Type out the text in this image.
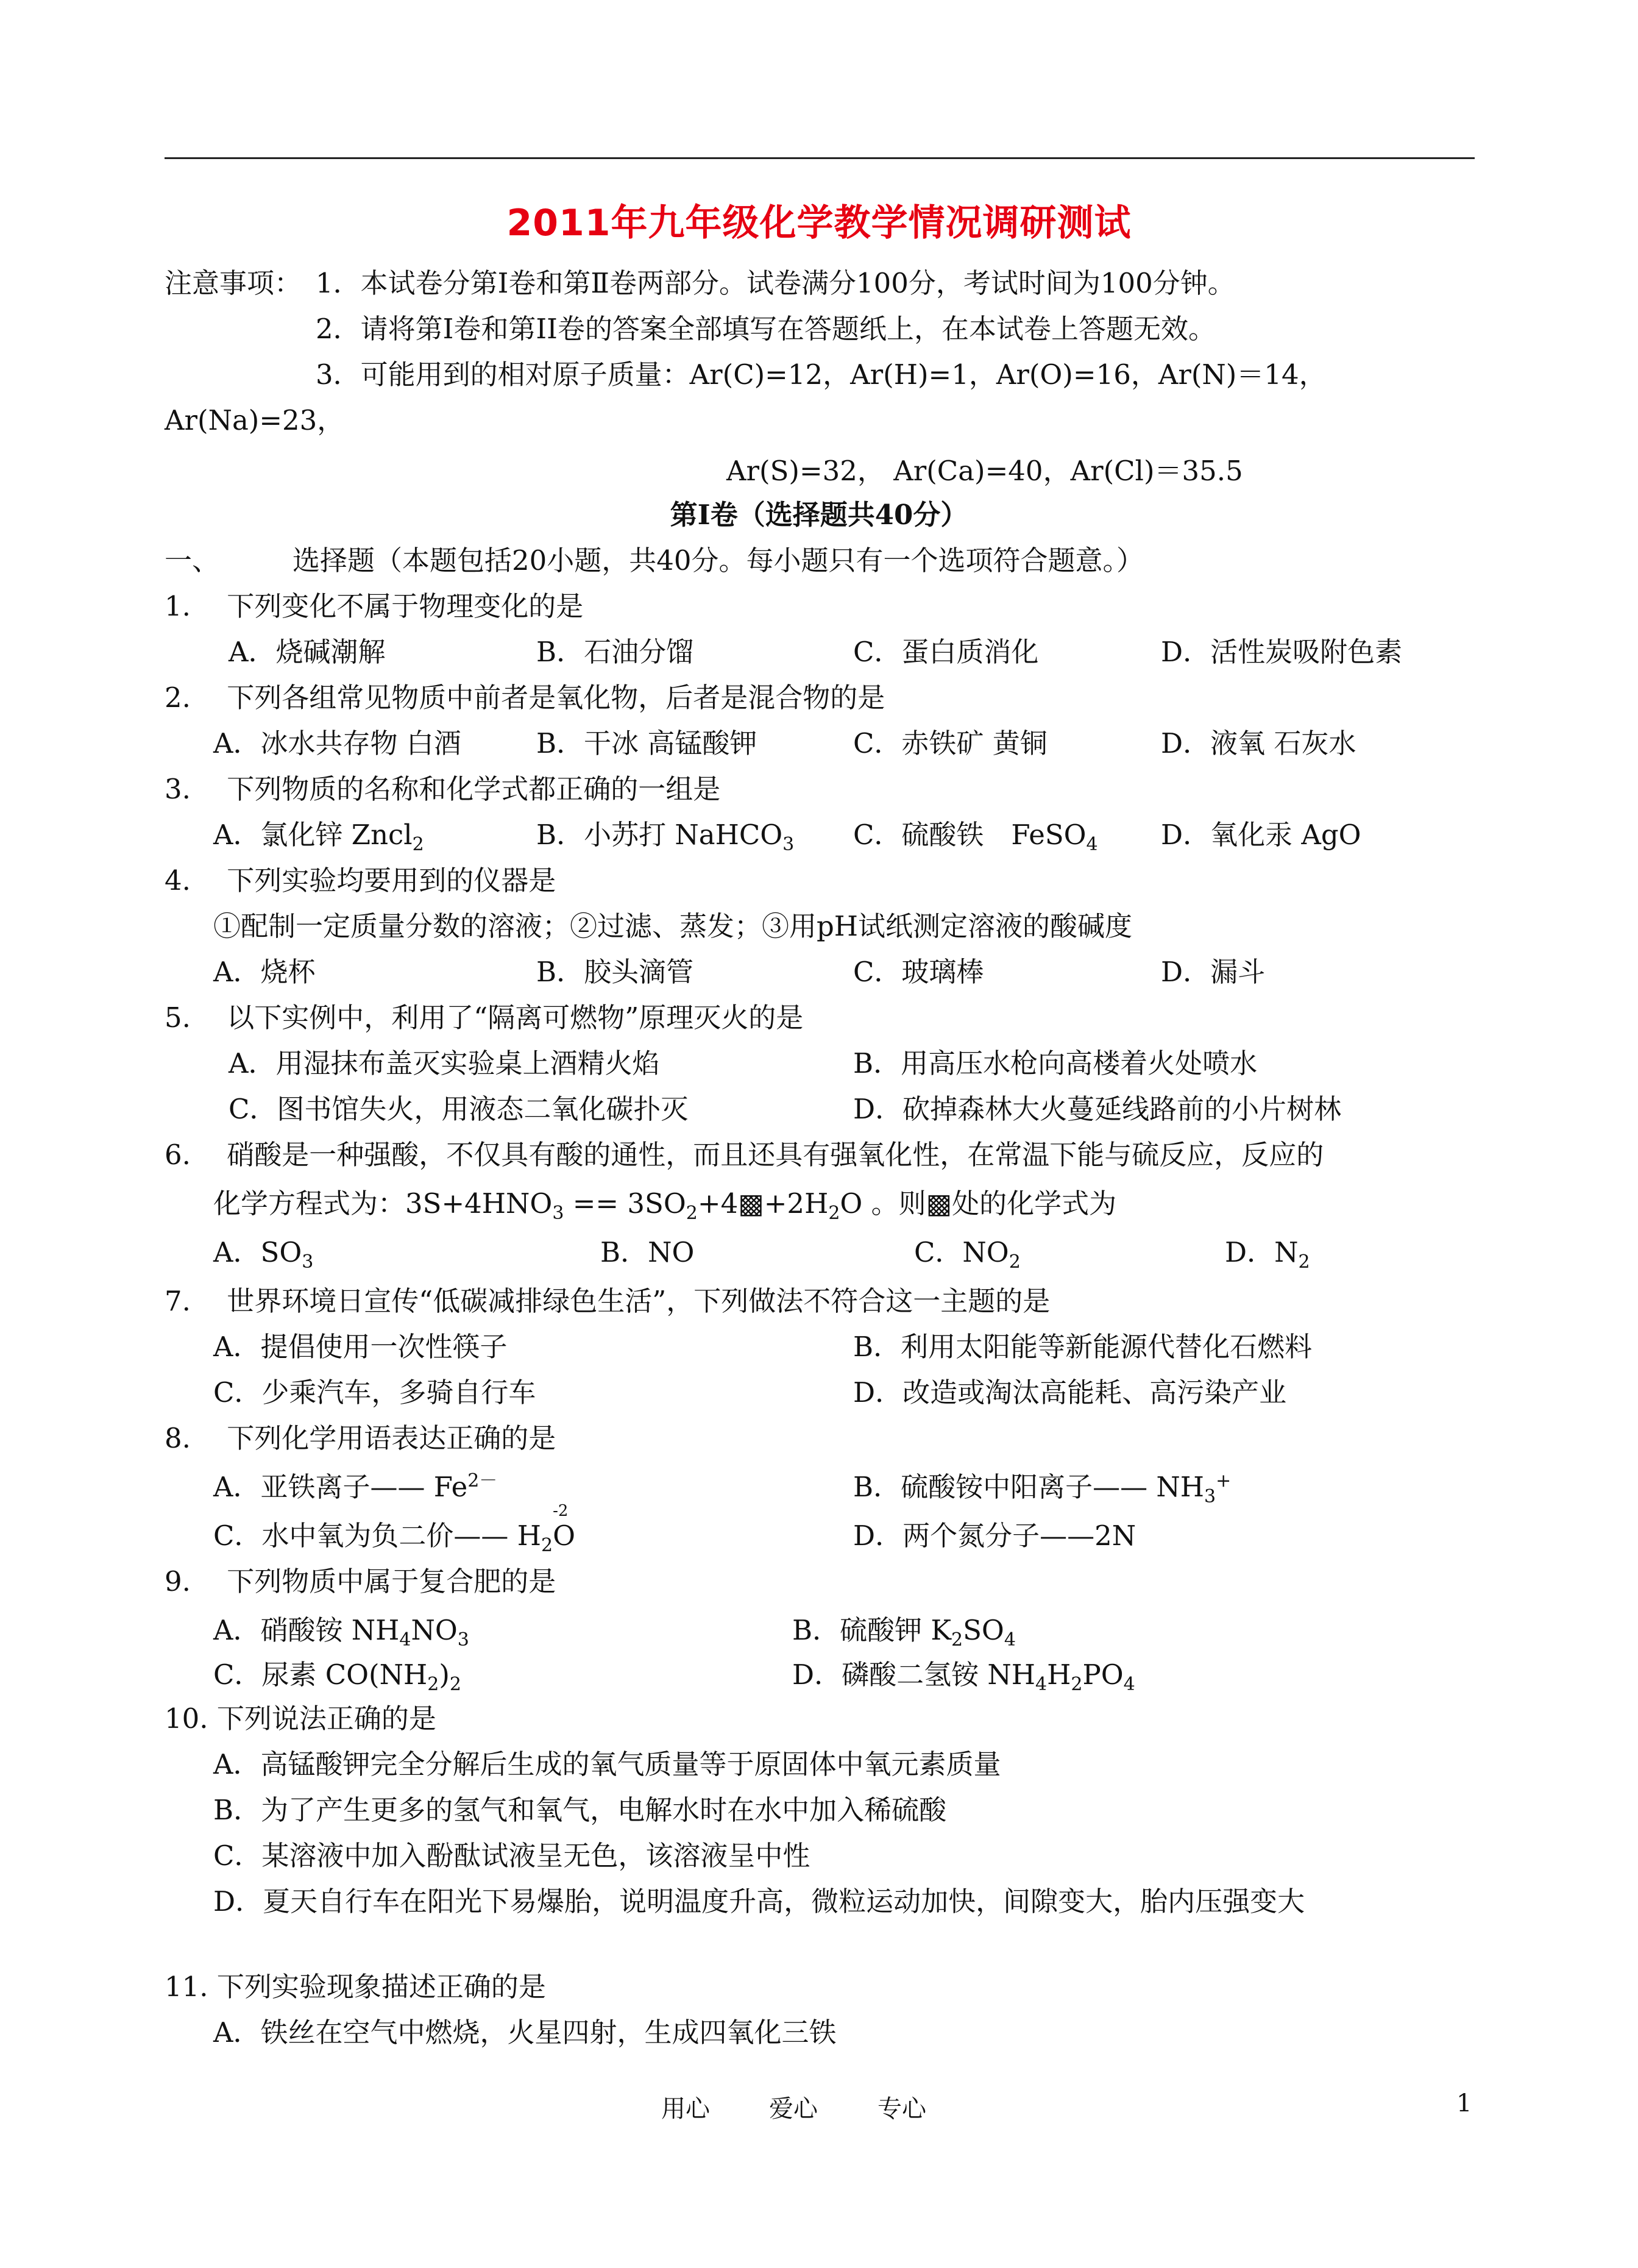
2011年九年级化学教学情况调研测试
注意事项： 1．本试卷分第Ⅰ卷和第Ⅱ卷两部分。试卷满分100分，考试时间为100分钟。
2．请将第Ⅰ卷和第II卷的答案全部填写在答题纸上，在本试卷上答题无效。
3．可能用到的相对原子质量：Ar(C)=12，Ar(H)=1，Ar(O)=16，Ar(N)＝14，
Ar(Na)=23，
Ar(S)=32， Ar(Ca)=40，Ar(Cl)＝35.5
第Ⅰ卷（选择题共40分）
一、	选择题（本题包括20小题，共40分。每小题只有一个选项符合题意。）
1.　 下列变化不属于物理变化的是
A．烧碱潮解	B．石油分馏	C．蛋白质消化	D．活性炭吸附色素
2.　 下列各组常见物质中前者是氧化物，后者是混合物的是
A．冰水共存物 白酒	B．干冰 高锰酸钾	C．赤铁矿 黄铜	D．液氧 石灰水
3.　 下列物质的名称和化学式都正确的一组是
A．氯化锌 Zncl$_2$	B．小苏打 NaHCO$_3$ C．硫酸铁　FeSO$_4$ D．氧化汞 AgO
4.　 下列实验均要用到的仪器是
①配制一定质量分数的溶液；②过滤、蒸发；③用pH试纸测定溶液的酸碱度
A．烧杯	B．胶头滴管	C．玻璃棒	D．漏斗
5.　 以下实例中，利用了“隔离可燃物”原理灭火的是
A．用湿抹布盖灭实验桌上酒精火焰	B．用高压水枪向高楼着火处喷水
C．图书馆失火，用液态二氧化碳扑灭	D．砍掉森林大火蔓延线路前的小片树林
6.　 硝酸是一种强酸，不仅具有酸的通性，而且还具有强氧化性，在常温下能与硫反应，反应的
化学方程式为：$3S+4HNO_3$ == $3SO_2+4▩+2H_2O$ 。则▩处的化学式为
A．$SO_3$	B．NO	C．$NO_2$	D．$N_2$
7.　 世界环境日宣传“低碳减排绿色生活”，下列做法不符合这一主题的是
A．提倡使用一次性筷子	B．利用太阳能等新能源代替化石燃料
C．少乘汽车，多骑自行车	D．改造或淘汰高能耗、高污染产业
8.　 下列化学用语表达正确的是
A．亚铁离子—— $Fe^{2-}$	B．硫酸铵中阳离子—— $NH_3^+$
C．水中氧为负二价—— $H_2$
-2
O	D．两个氮分子——2N
9.　 下列物质中属于复合肥的是
A．硝酸铵 $NH_4NO_3$	B．硫酸钾 $K_2SO_4$
C．尿素 $CO(NH_2)_2$	D．磷酸二氢铵 $NH_4H_2PO_4$
10. 下列说法正确的是
A．高锰酸钾完全分解后生成的氧气质量等于原固体中氧元素质量
B．为了产生更多的氢气和氧气，电解水时在水中加入稀硫酸
C．某溶液中加入酚酞试液呈无色，该溶液呈中性
D．夏天自行车在阳光下易爆胎，说明温度升高，微粒运动加快，间隙变大，胎内压强变大
11. 下列实验现象描述正确的是
A．铁丝在空气中燃烧，火星四射，生成四氧化三铁
用心 爱心 专心	1
